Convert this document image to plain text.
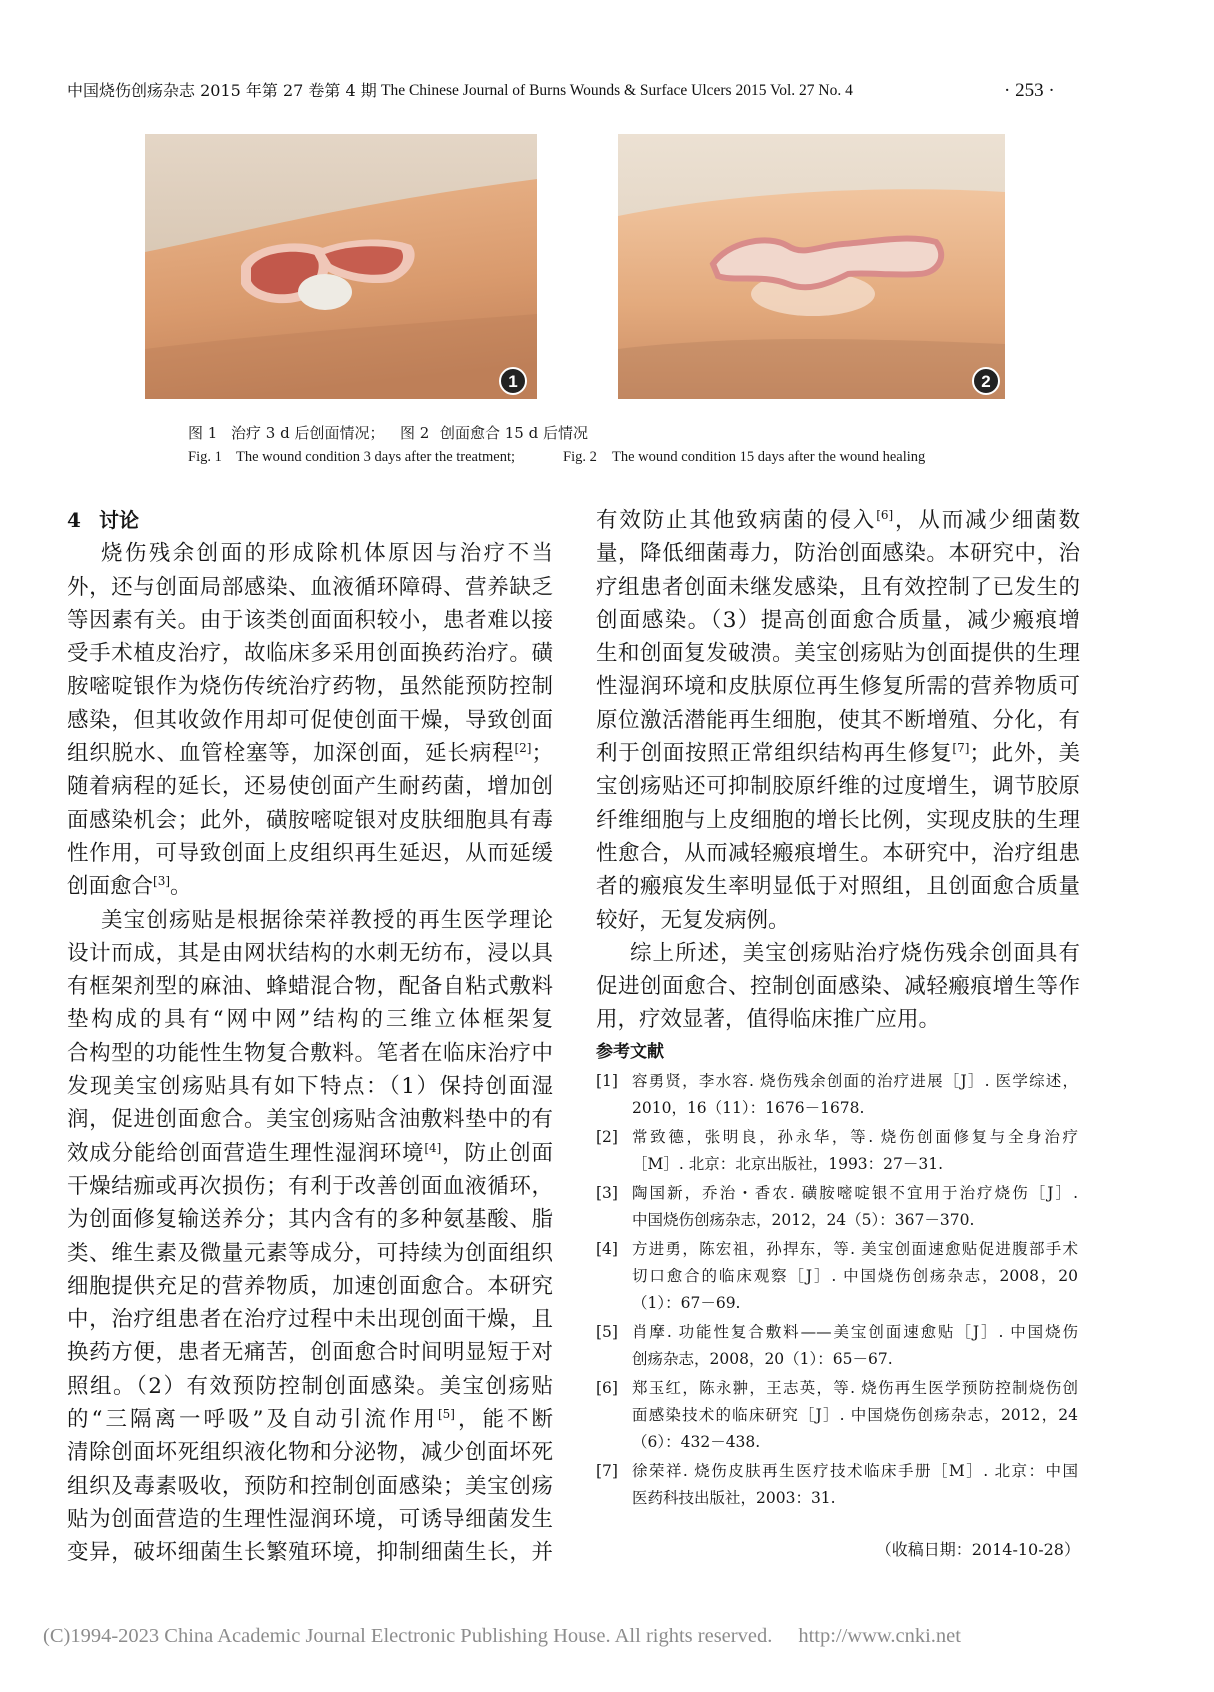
中国烧伤创疡杂志 2015 年第 27 卷第 4 期 The Chinese Journal of Burns Wounds & Surface Ulcers 2015 Vol. 27 No. 4	· 253 ·
1	2
图 1 治疗 3 d 后创面情况； 图 2 创面愈合 15 d 后情况
Fig. 1 The wound condition 3 days after the treatment;	Fig. 2 The wound condition 15 days after the wound healing
4 讨论
烧伤残余创面的形成除机体原因与治疗不当
外，还与创面局部感染、血液循环障碍、营养缺乏
等因素有关。由于该类创面面积较小，患者难以接
受手术植皮治疗，故临床多采用创面换药治疗。磺
胺嘧啶银作为烧伤传统治疗药物，虽然能预防控制
感染，但其收敛作用却可促使创面干燥，导致创面
组织脱水、血管栓塞等，加深创面，延长病程[2]；
随着病程的延长，还易使创面产生耐药菌，增加创
面感染机会；此外，磺胺嘧啶银对皮肤细胞具有毒
性作用，可导致创面上皮组织再生延迟，从而延缓
创面愈合[3]。
美宝创疡贴是根据徐荣祥教授的再生医学理论
设计而成，其是由网状结构的水刺无纺布，浸以具
有框架剂型的麻油、蜂蜡混合物，配备自粘式敷料
垫构成的具有“网中网”结构的三维立体框架复
合构型的功能性生物复合敷料。笔者在临床治疗中
发现美宝创疡贴具有如下特点：（1）保持创面湿
润，促进创面愈合。美宝创疡贴含油敷料垫中的有
效成分能给创面营造生理性湿润环境[4]，防止创面
干燥结痂或再次损伤；有利于改善创面血液循环，
为创面修复输送养分；其内含有的多种氨基酸、脂
类、维生素及微量元素等成分，可持续为创面组织
细胞提供充足的营养物质，加速创面愈合。本研究
中，治疗组患者在治疗过程中未出现创面干燥，且
换药方便，患者无痛苦，创面愈合时间明显短于对
照组。（2）有效预防控制创面感染。美宝创疡贴
的“三隔离一呼吸”及自动引流作用[5]，能不断
清除创面坏死组织液化物和分泌物，减少创面坏死
组织及毒素吸收，预防和控制创面感染；美宝创疡
贴为创面营造的生理性湿润环境，可诱导细菌发生
变异，破坏细菌生长繁殖环境，抑制细菌生长，并
有效防止其他致病菌的侵入[6]，从而减少细菌数
量，降低细菌毒力，防治创面感染。本研究中，治
疗组患者创面未继发感染，且有效控制了已发生的
创面感染。（3）提高创面愈合质量，减少瘢痕增
生和创面复发破溃。美宝创疡贴为创面提供的生理
性湿润环境和皮肤原位再生修复所需的营养物质可
原位激活潜能再生细胞，使其不断增殖、分化，有
利于创面按照正常组织结构再生修复[7]；此外，美
宝创疡贴还可抑制胶原纤维的过度增生，调节胶原
纤维细胞与上皮细胞的增长比例，实现皮肤的生理
性愈合，从而减轻瘢痕增生。本研究中，治疗组患
者的瘢痕发生率明显低于对照组，且创面愈合质量
较好，无复发病例。
综上所述，美宝创疡贴治疗烧伤残余创面具有
促进创面愈合、控制创面感染、减轻瘢痕增生等作
用，疗效显著，值得临床推广应用。
参考文献
[1] 容勇贤，李水容. 烧伤残余创面的治疗进展［J］. 医学综述，
2010，16（11）：1676－1678.
[2] 常致德，张明良，孙永华，等. 烧伤创面修复与全身治疗
［M］. 北京：北京出版社，1993：27－31.
[3] 陶国新，乔治・香农. 磺胺嘧啶银不宜用于治疗烧伤［J］.
中国烧伤创疡杂志，2012，24（5）：367－370.
[4] 方进勇，陈宏祖，孙捍东，等. 美宝创面速愈贴促进腹部手术
切口愈合的临床观察［J］. 中国烧伤创疡杂志，2008，20
（1）：67－69.
[5] 肖摩. 功能性复合敷料——美宝创面速愈贴［J］. 中国烧伤
创疡杂志，2008，20（1）：65－67.
[6] 郑玉红，陈永翀，王志英，等. 烧伤再生医学预防控制烧伤创
面感染技术的临床研究［J］. 中国烧伤创疡杂志，2012，24
（6）：432－438.
[7] 徐荣祥. 烧伤皮肤再生医疗技术临床手册［M］. 北京：中国
医药科技出版社，2003：31.
（收稿日期：2014-10-28）
(C)1994-2023 China Academic Journal Electronic Publishing House. All rights reserved. http://www.cnki.net
